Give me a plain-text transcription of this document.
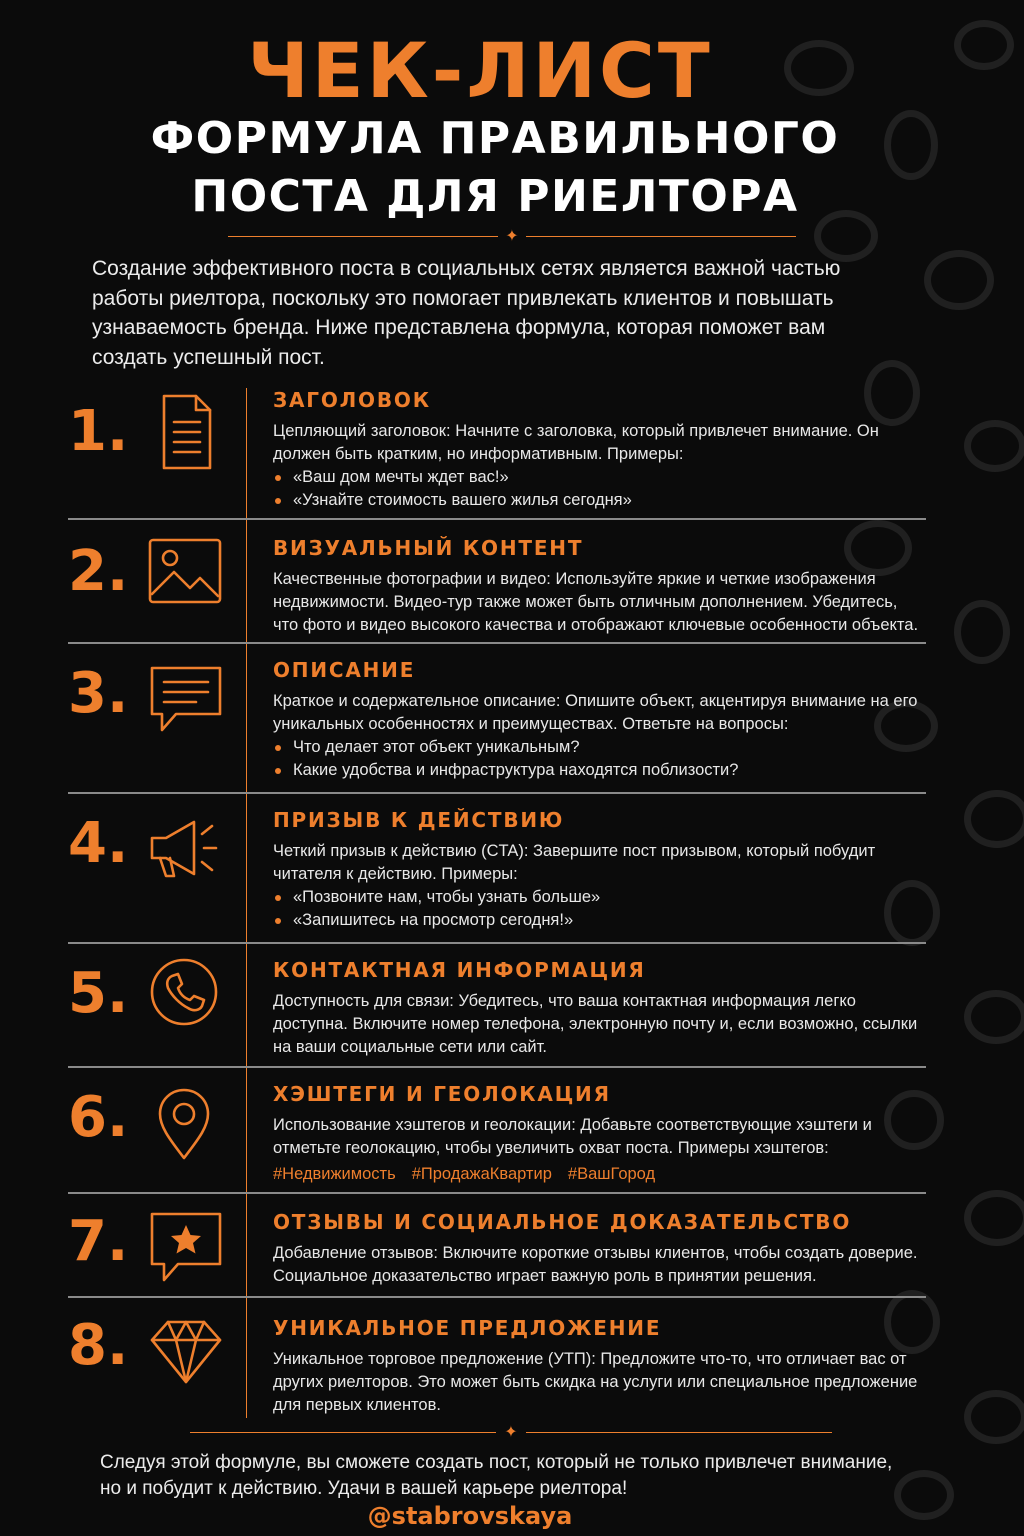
ЧЕК-ЛИСТ
ФОРМУЛА ПРАВИЛЬНОГО
ПОСТА ДЛЯ РИЕЛТОРА
✦
Создание эффективного поста в социальных сетях является важной частью работы риелтора, поскольку это помогает привлекать клиентов и повышать узнаваемость бренда. Ниже представлена формула, которая поможет вам создать успешный пост.
1.	ЗАГОЛОВОК
Цепляющий заголовок: Начните с заголовка, который привлечет внимание. Он должен быть кратким, но информативным. Примеры:
«Ваш дом мечты ждет вас!»
«Узнайте стоимость вашего жилья сегодня»
2.	ВИЗУАЛЬНЫЙ КОНТЕНТ
Качественные фотографии и видео: Используйте яркие и четкие изображения недвижимости. Видео-тур также может быть отличным дополнением. Убедитесь, что фото и видео высокого качества и отображают ключевые особенности объекта.
3.	ОПИСАНИЕ
Краткое и содержательное описание: Опишите объект, акцентируя внимание на его уникальных особенностях и преимуществах. Ответьте на вопросы:
Что делает этот объект уникальным?
Какие удобства и инфраструктура находятся поблизости?
4.	ПРИЗЫВ К ДЕЙСТВИЮ
Четкий призыв к действию (CTA): Завершите пост призывом, который побудит читателя к действию. Примеры:
«Позвоните нам, чтобы узнать больше»
«Запишитесь на просмотр сегодня!»
5.	КОНТАКТНАЯ ИНФОРМАЦИЯ
Доступность для связи: Убедитесь, что ваша контактная информация легко доступна. Включите номер телефона, электронную почту и, если возможно, ссылки на ваши социальные сети или сайт.
6.	ХЭШТЕГИ И ГЕОЛОКАЦИЯ
Использование хэштегов и геолокации: Добавьте соответствующие хэштеги и отметьте геолокацию, чтобы увеличить охват поста. Примеры хэштегов:
#Недвижимость #ПродажаКвартир #ВашГород
7.	ОТЗЫВЫ И СОЦИАЛЬНОЕ ДОКАЗАТЕЛЬСТВО
Добавление отзывов: Включите короткие отзывы клиентов, чтобы создать доверие. Социальное доказательство играет важную роль в принятии решения.
8.	УНИКАЛЬНОЕ ПРЕДЛОЖЕНИЕ
Уникальное торговое предложение (УТП): Предложите что-то, что отличает вас от других риелторов. Это может быть скидка на услуги или специальное предложение для первых клиентов.
✦
Следуя этой формуле, вы сможете создать пост, который не только привлечет внимание, но и побудит к действию. Удачи в вашей карьере риелтора!
@stabrovskaya
